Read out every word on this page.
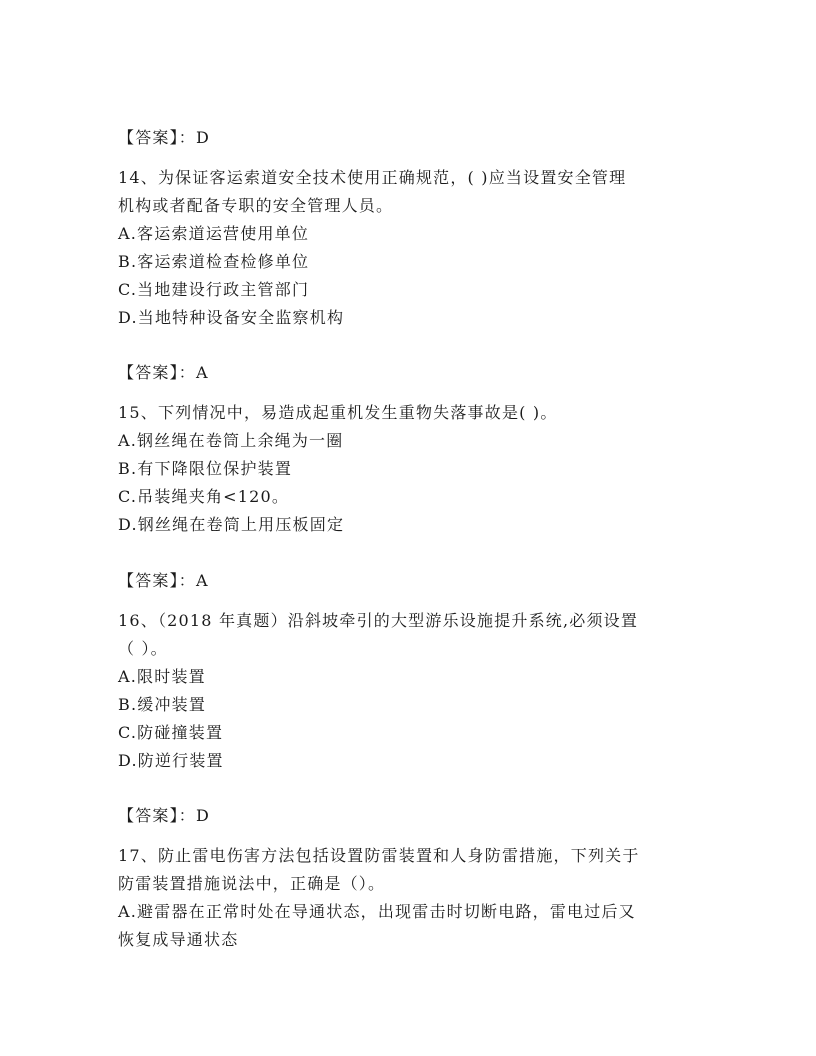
【答案】：D
14、为保证客运索道安全技术使用正确规范，( )应当设置安全管理
机构或者配备专职的安全管理人员。
A.客运索道运营使用单位
B.客运索道检查检修单位
C.当地建设行政主管部门
D.当地特种设备安全监察机构
【答案】：A
15、下列情况中，易造成起重机发生重物失落事故是( )。
A.钢丝绳在卷筒上余绳为一圈
B.有下降限位保护装置
C.吊装绳夹角<120。
D.钢丝绳在卷筒上用压板固定
【答案】：A
16、（2018 年真题）沿斜坡牵引的大型游乐设施提升系统,必须设置
（ ）。
A.限时装置
B.缓冲装置
C.防碰撞装置
D.防逆行装置
【答案】：D
17、防止雷电伤害方法包括设置防雷装置和人身防雷措施，下列关于
防雷装置措施说法中，正确是（）。
A.避雷器在正常时处在导通状态，出现雷击时切断电路，雷电过后又
恢复成导通状态
